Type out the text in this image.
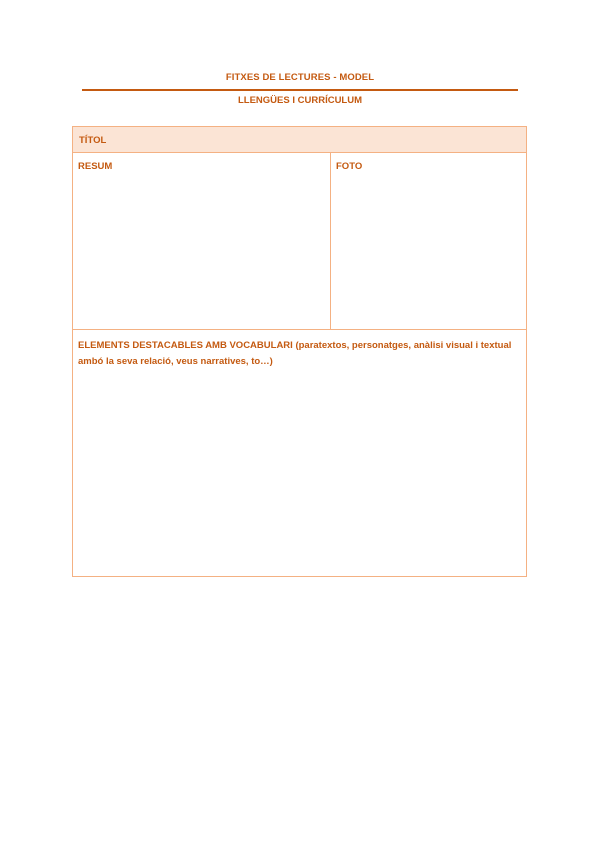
FITXES DE LECTURES - MODEL
LLENGÜES I CURRÍCULUM
TÍTOL
RESUM	FOTO
ELEMENTS DESTACABLES AMB VOCABULARI (paratextos, personatges, anàlisi visual i textual ambó la seva relació, veus narratives, to…)
